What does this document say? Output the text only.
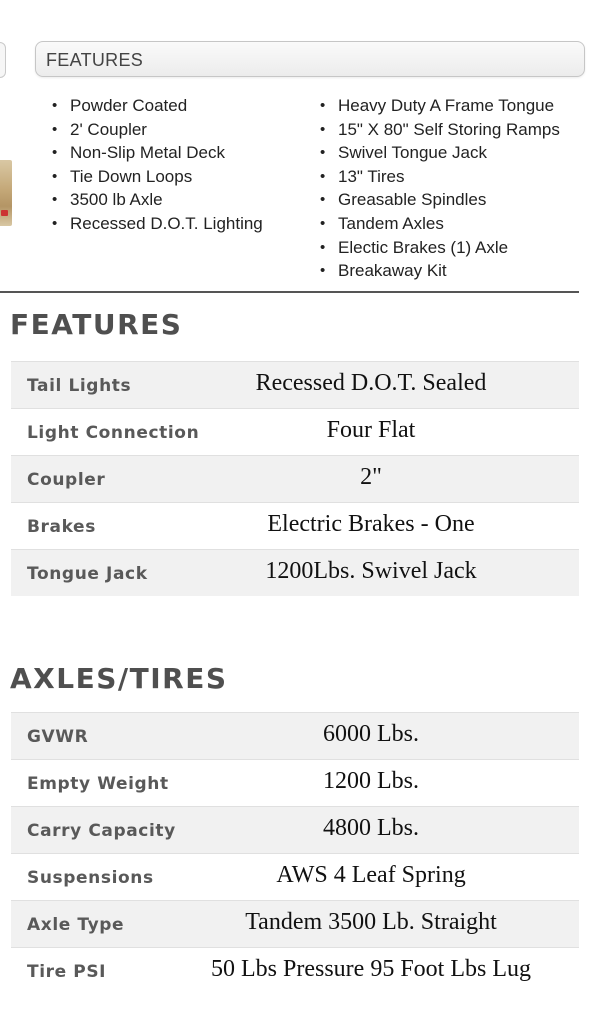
FEATURES
• Powder Coated
• 2' Coupler
• Non-Slip Metal Deck
• Tie Down Loops
• 3500 lb Axle
• Recessed D.O.T. Lighting
• Heavy Duty A Frame Tongue
• 15" X 80" Self Storing Ramps
• Swivel Tongue Jack
• 13" Tires
• Greasable Spindles
• Tandem Axles
• Electic Brakes (1) Axle
• Breakaway Kit
FEATURES
Tail Lights	Recessed D.O.T. Sealed
Light Connection	Four Flat
Coupler	2"
Brakes	Electric Brakes - One
Tongue Jack	1200Lbs. Swivel Jack
AXLES/TIRES
GVWR	6000 Lbs.
Empty Weight	1200 Lbs.
Carry Capacity	4800 Lbs.
Suspensions	AWS 4 Leaf Spring
Axle Type	Tandem 3500 Lb. Straight
Tire PSI	50 Lbs Pressure 95 Foot Lbs Lug
